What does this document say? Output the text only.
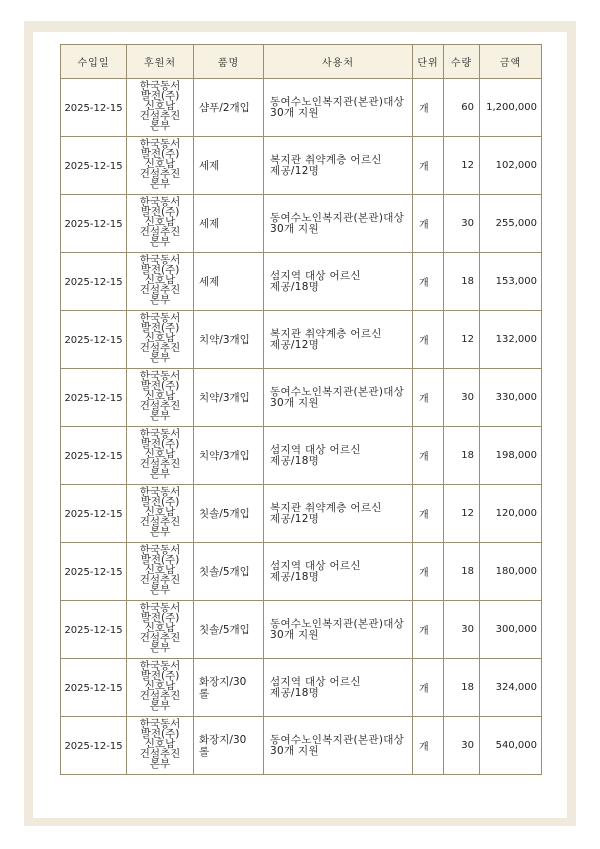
수입일	후원처	품명	사용처	단위	수량	금액
2025-12-15	한국동서
발전(주)
신호남
건설추진
본부	샴푸/2개입	동여수노인복지관(본관)대상
30개 지원	개	60	1,200,000
2025-12-15	한국동서
발전(주)
신호남
건설추진
본부	세제	복지관 취약계층 어르신
제공/12명	개	12	102,000
2025-12-15	한국동서
발전(주)
신호남
건설추진
본부	세제	동여수노인복지관(본관)대상
30개 지원	개	30	255,000
2025-12-15	한국동서
발전(주)
신호남
건설추진
본부	세제	섬지역 대상 어르신
제공/18명	개	18	153,000
2025-12-15	한국동서
발전(주)
신호남
건설추진
본부	치약/3개입	복지관 취약계층 어르신
제공/12명	개	12	132,000
2025-12-15	한국동서
발전(주)
신호남
건설추진
본부	치약/3개입	동여수노인복지관(본관)대상
30개 지원	개	30	330,000
2025-12-15	한국동서
발전(주)
신호남
건설추진
본부	치약/3개입	섬지역 대상 어르신
제공/18명	개	18	198,000
2025-12-15	한국동서
발전(주)
신호남
건설추진
본부	칫솔/5개입	복지관 취약계층 어르신
제공/12명	개	12	120,000
2025-12-15	한국동서
발전(주)
신호남
건설추진
본부	칫솔/5개입	섬지역 대상 어르신
제공/18명	개	18	180,000
2025-12-15	한국동서
발전(주)
신호남
건설추진
본부	칫솔/5개입	동여수노인복지관(본관)대상
30개 지원	개	30	300,000
2025-12-15	한국동서
발전(주)
신호남
건설추진
본부	화장지/30
롤	섬지역 대상 어르신
제공/18명	개	18	324,000
2025-12-15	한국동서
발전(주)
신호남
건설추진
본부	화장지/30
롤	동여수노인복지관(본관)대상
30개 지원	개	30	540,000
